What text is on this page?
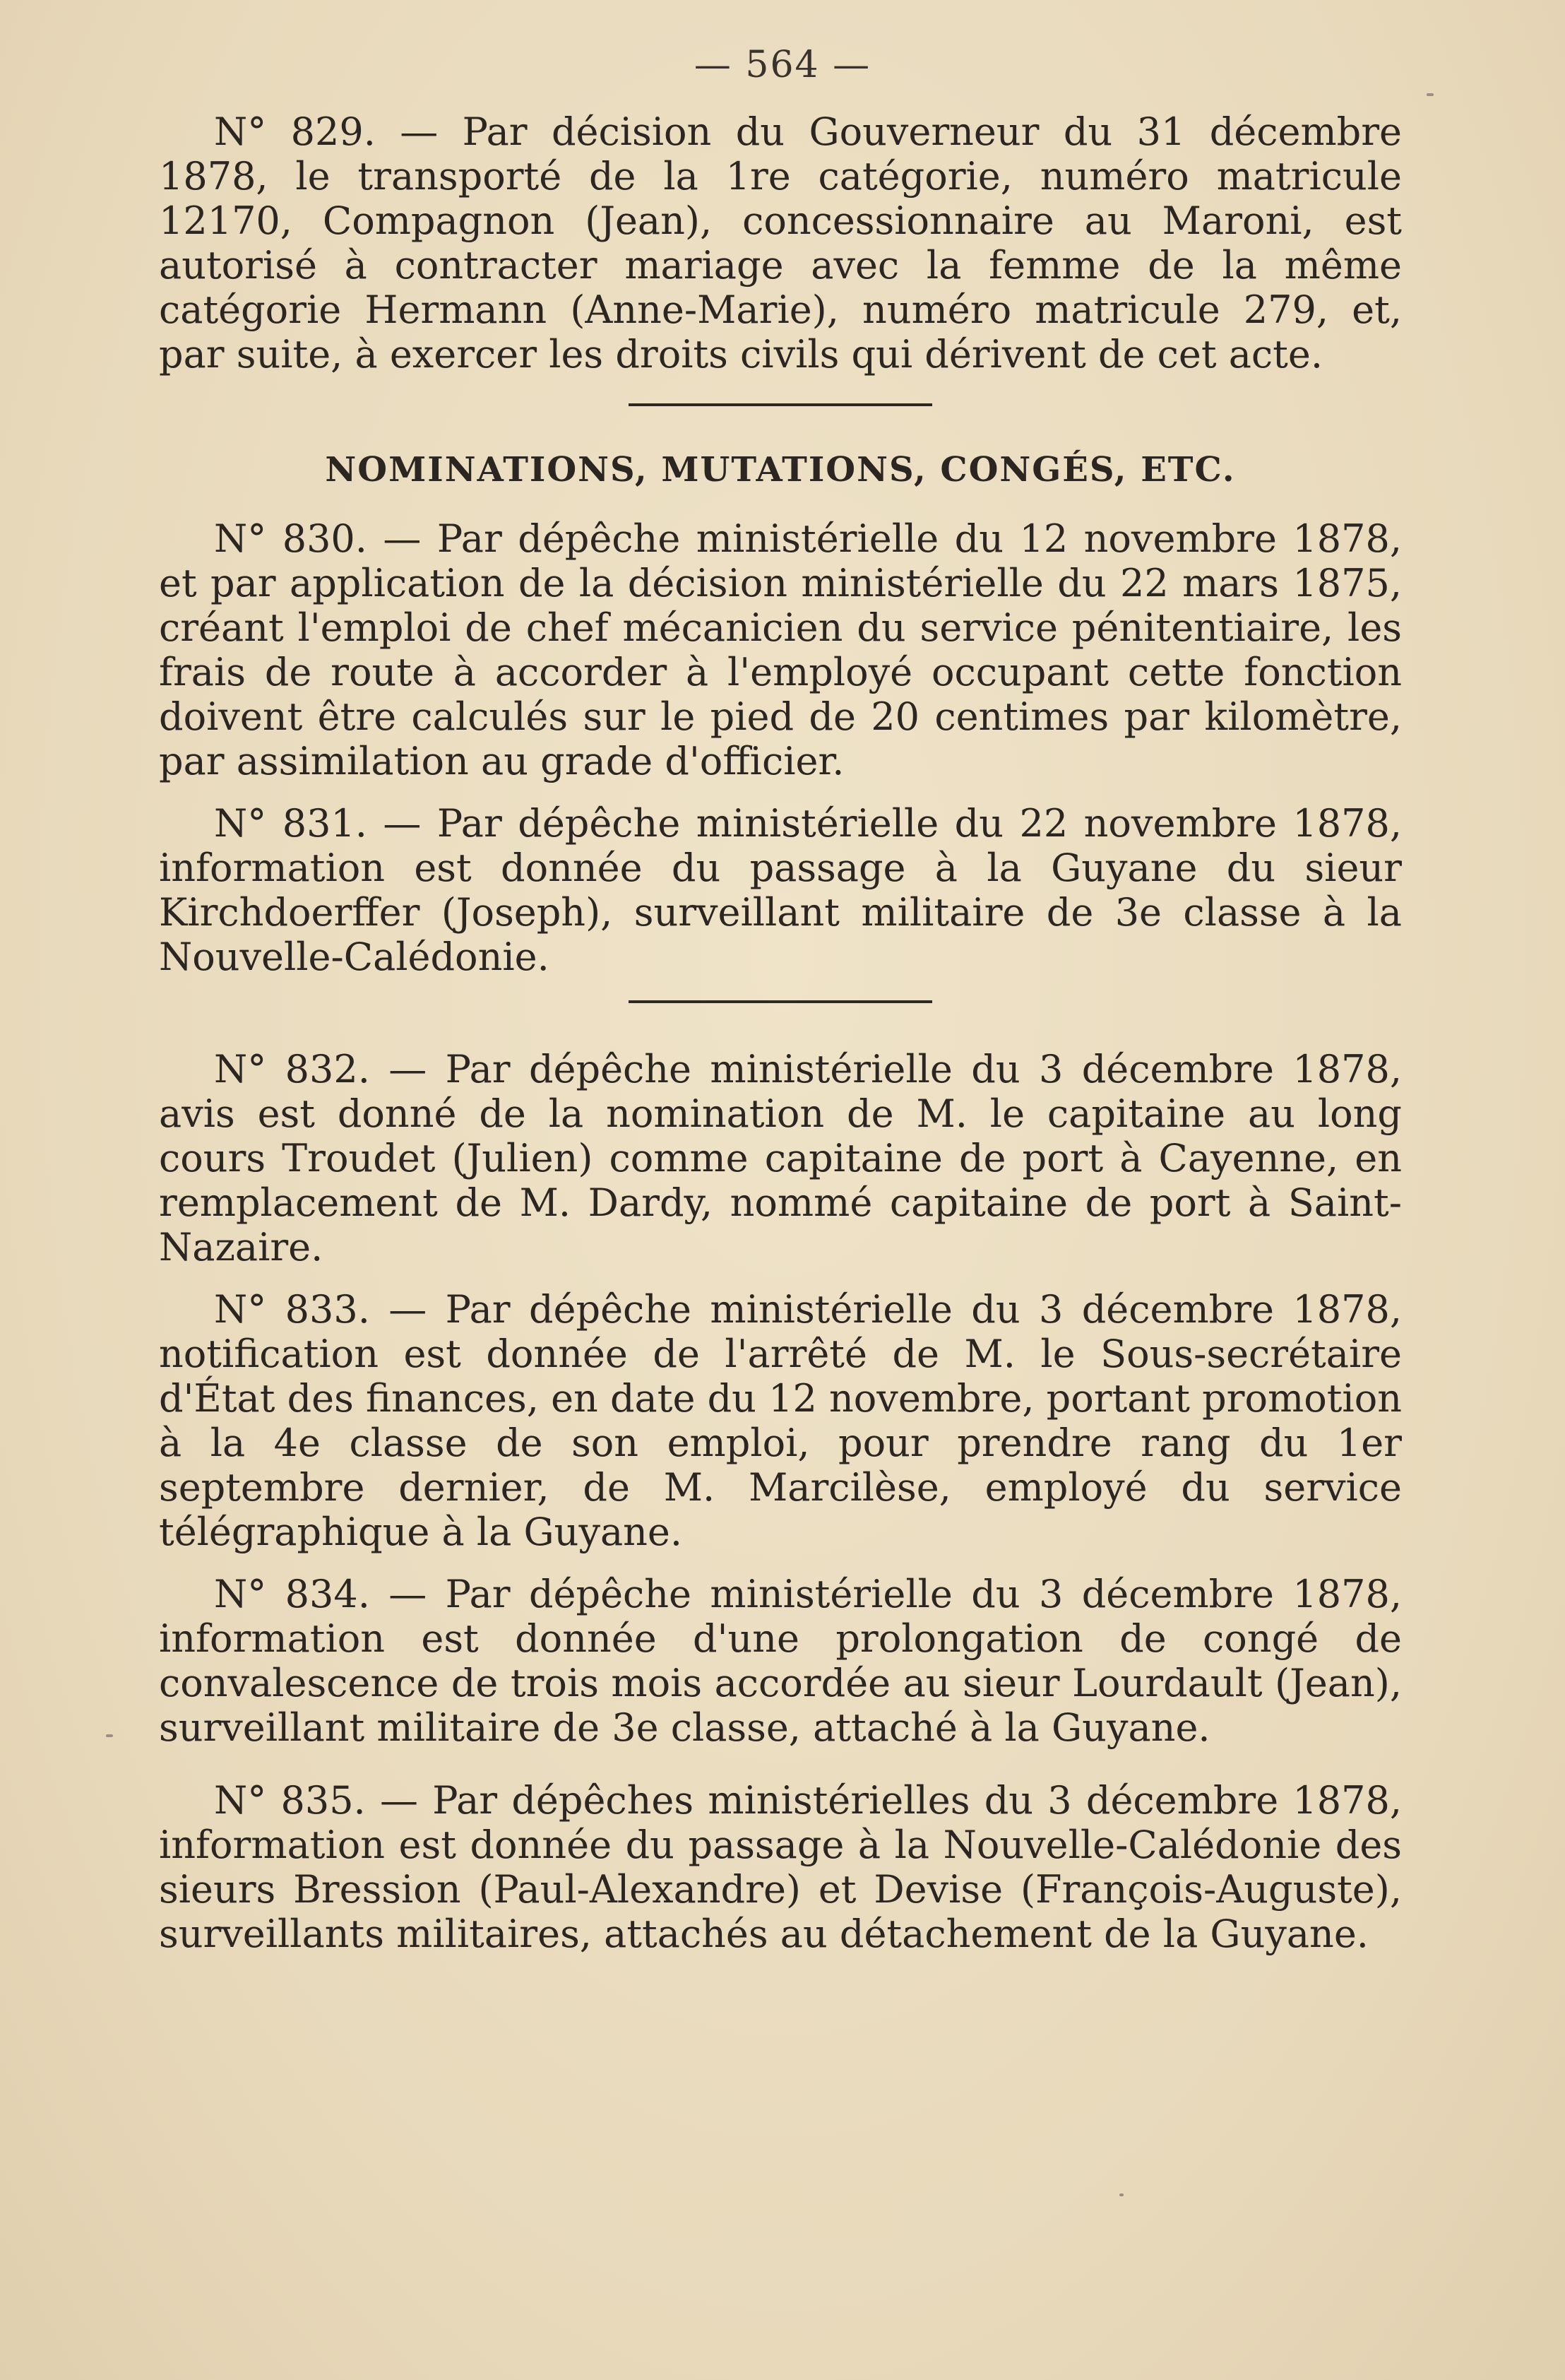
— 564 —

N° 829. — Par décision du Gouverneur du 31 décembre 1878, le transporté de la 1re catégorie, numéro matricule 12170, Compagnon (Jean), concessionnaire au Maroni, est autorisé à contracter mariage avec la femme de la même catégorie Hermann (Anne-Marie), numéro matricule 279, et, par suite, à exercer les droits civils qui dérivent de cet acte.

NOMINATIONS, MUTATIONS, CONGÉS, ETC.

N° 830. — Par dépêche ministérielle du 12 novembre 1878, et par application de la décision ministérielle du 22 mars 1875, créant l'emploi de chef mécanicien du service pénitentiaire, les frais de route à accorder à l'employé occupant cette fonction doivent être calculés sur le pied de 20 centimes par kilomètre, par assimilation au grade d'officier.

N° 831. — Par dépêche ministérielle du 22 novembre 1878, information est donnée du passage à la Guyane du sieur Kirchdoerffer (Joseph), surveillant militaire de 3e classe à la Nouvelle-Calédonie.

N° 832. — Par dépêche ministérielle du 3 décembre 1878, avis est donné de la nomination de M. le capitaine au long cours Troudet (Julien) comme capitaine de port à Cayenne, en remplacement de M. Dardy, nommé capitaine de port à Saint-Nazaire.

N° 833. — Par dépêche ministérielle du 3 décembre 1878, notification est donnée de l'arrêté de M. le Sous-secrétaire d'État des finances, en date du 12 novembre, portant promotion à la 4e classe de son emploi, pour prendre rang du 1er septembre dernier, de M. Marcilèse, employé du service télégraphique à la Guyane.

N° 834. — Par dépêche ministérielle du 3 décembre 1878, information est donnée d'une prolongation de congé de convalescence de trois mois accordée au sieur Lourdault (Jean), surveillant militaire de 3e classe, attaché à la Guyane.

N° 835. — Par dépêches ministérielles du 3 décembre 1878, information est donnée du passage à la Nouvelle-Calédonie des sieurs Bression (Paul-Alexandre) et Devise (François-Auguste), surveillants militaires, attachés au détachement de la Guyane.
